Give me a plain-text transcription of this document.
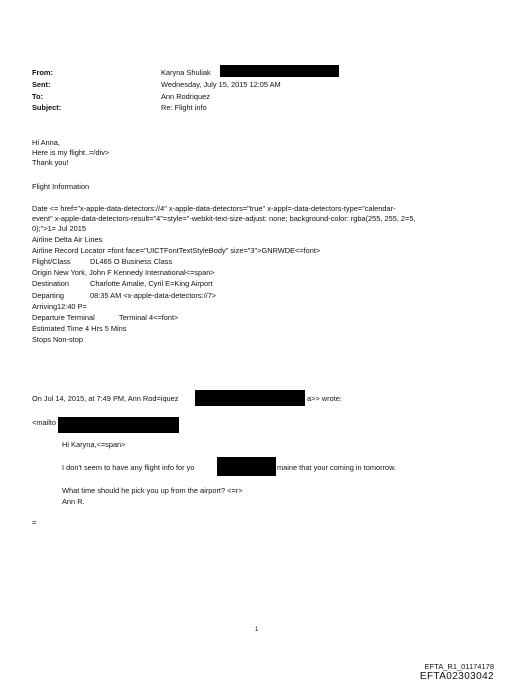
From:	Karyna Shuliak
Sent:	Wednesday, July 15, 2015 12:05 AM
To:	Ann Rodriquez
Subject:	Re: Flight info
Hi Anna,
Here is my flight..=/div>
Thank you!
Flight Information
Date <= href="x-apple-data-detectors://4" x-apple-data-detectors="true" x-appl=-data-detectors-type="calendar-
event" x-apple-data-detectors-result="4"=style="-webkit-text-size-adjust: none; background-color: rgba(255, 255, 2=5,
0);">1= Jul 2015
Airline Delta Air Lines
Airline Record Locator =font face="UICTFontTextStyleBody" size="3">GNRWDE<=font>
Flight/Class	DL465 O Business Class
Origin New York, John F Kennedy International<=span>
Destination	Charlotte Amalie, Cyril E=King Airport
Departing	08:35 AM <x-apple-data-detectors://7>
Arriving12:40 P=
Departure Terminal	Terminal 4<=font>
Estimated Time 4 Hrs 5 Mins
Stops Non-stop
On Jul 14, 2015, at 7:49 PM, Ann Rod=iquez	a>> wrote:
<mailto
Hi Karyna,<=span>
I don't seem to have any flight info for yo	maine that your coming in tomorrow.
What time should he pick you up from the airport? <=r>
Ann R.
=
1
EFTA_R1_01174178
EFTA02303042
